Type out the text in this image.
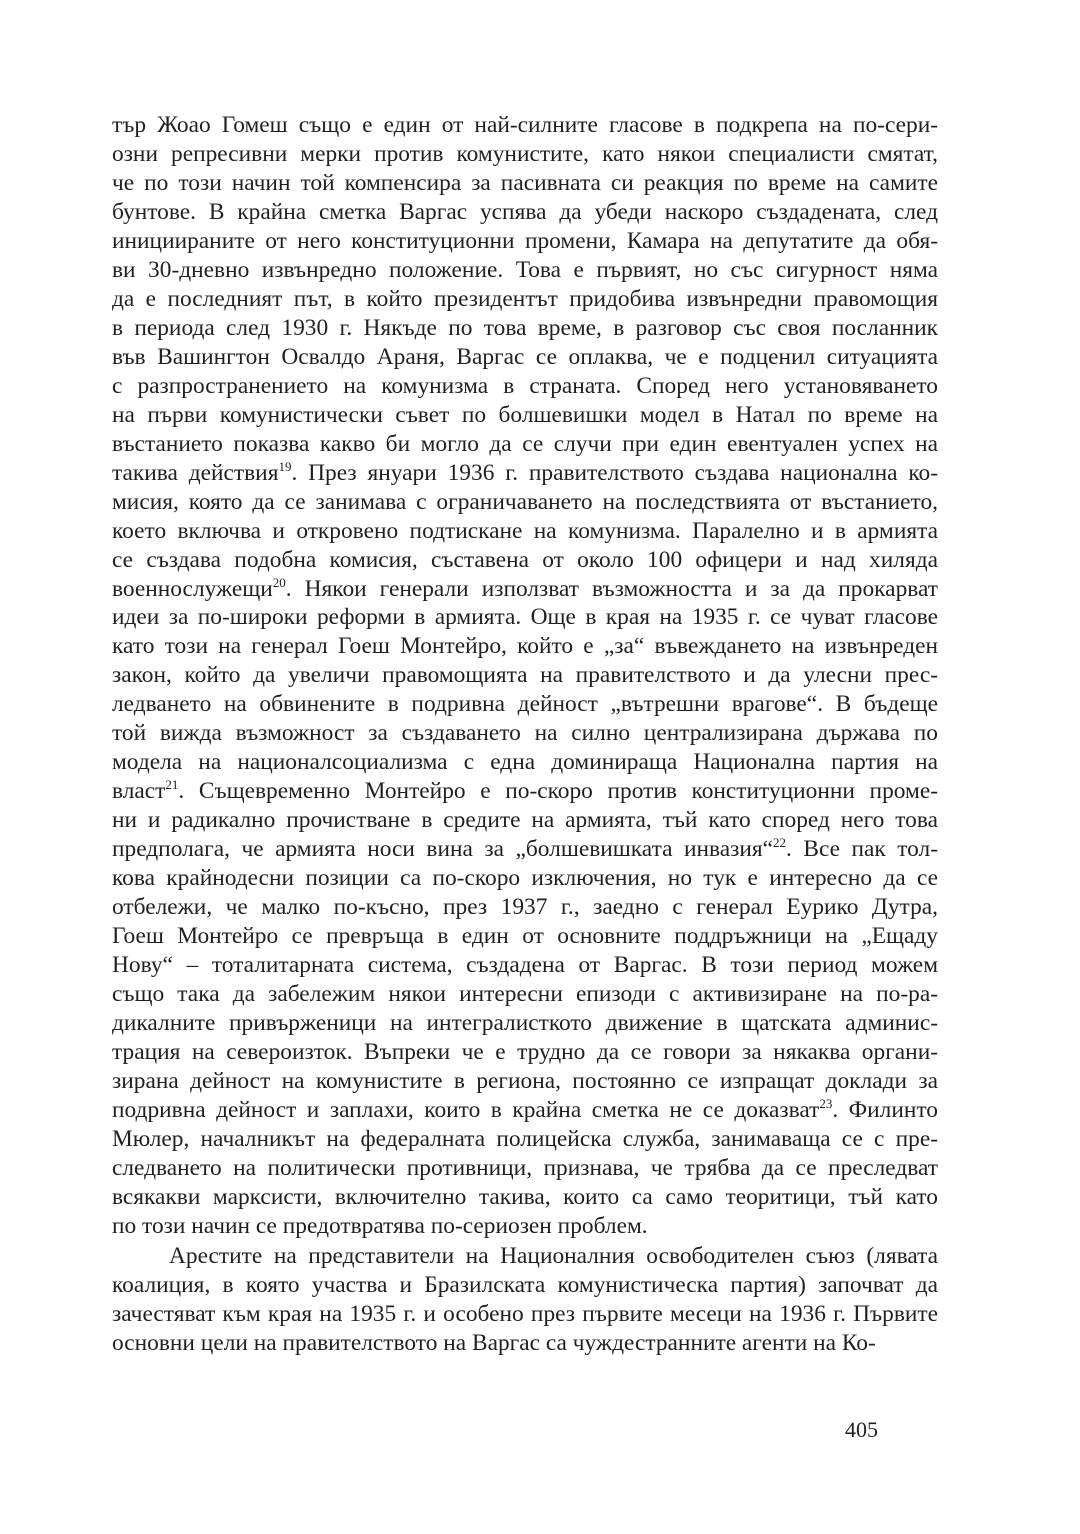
тър Жоао Гомеш също е един от най-силните гласове в подкрепа на по-сери-
озни репресивни мерки против комунистите, като някои специалисти смятат,
че по този начин той компенсира за пасивната си реакция по време на самите
бунтове. В крайна сметка Варгас успява да убеди наскоро създадената, след
инициираните от него конституционни промени, Камара на депутатите да обя-
ви 30-дневно извънредно положение. Това е първият, но със сигурност няма
да е последният път, в който президентът придобива извънредни правомощия
в периода след 1930 г. Някъде по това време, в разговор със своя посланник
във Вашингтон Освалдо Араня, Варгас се оплаква, че е подценил ситуацията
с разпространението на комунизма в страната. Според него установяването
на първи комунистически съвет по болшевишки модел в Натал по време на
въстанието показва какво би могло да се случи при един евентуален успех на
такива действия$^{19}$. През януари 1936 г. правителството създава национална ко-
мисия, която да се занимава с ограничаването на последствията от въстанието,
което включва и откровено подтискане на комунизма. Паралелно и в армията
се създава подобна комисия, съставена от около 100 офицери и над хиляда
военнослужещи$^{20}$. Някои генерали използват възможността и за да прокарват
идеи за по-широки реформи в армията. Още в края на 1935 г. се чуват гласове
като този на генерал Гоеш Монтейро, който е „за“ въвеждането на извънреден
закон, който да увеличи правомощията на правителството и да улесни прес-
ледването на обвинените в подривна дейност „вътрешни врагове“. В бъдеще
той вижда възможност за създаването на силно централизирана държава по
модела на националсоциализма с една доминираща Национална партия на
власт$^{21}$. Същевременно Монтейро е по-скоро против конституционни проме-
ни и радикално прочистване в средите на армията, тъй като според него това
предполага, че армията носи вина за „болшевишката инвазия“$^{22}$. Все пак тол-
кова крайнодесни позиции са по-скоро изключения, но тук е интересно да се
отбележи, че малко по-късно, през 1937 г., заедно с генерал Еурико Дутра,
Гоеш Монтейро се превръща в един от основните поддръжници на „Ещаду
Нову“ – тоталитарната система, създадена от Варгас. В този период можем
също така да забележим някои интересни епизоди с активизиране на по-ра-
дикалните привърженици на интегралисткото движение в щатската админис-
трация на североизток. Въпреки че е трудно да се говори за някаква органи-
зирана дейност на комунистите в региона, постоянно се изпращат доклади за
подривна дейност и заплахи, които в крайна сметка не се доказват$^{23}$. Филинто
Мюлер, началникът на федералната полицейска служба, занимаваща се с пре-
следването на политически противници, признава, че трябва да се преследват
всякакви марксисти, включително такива, които са само теоритици, тъй като
по този начин се предотвратява по-сериозен проблем.
Арестите на представители на Националния освободителен съюз (лявата
коалиция, в която участва и Бразилската комунистическа партия) започват да
зачестяват към края на 1935 г. и особено през първите месеци на 1936 г. Първите
основни цели на правителството на Варгас са чуждестранните агенти на Ко-
405
